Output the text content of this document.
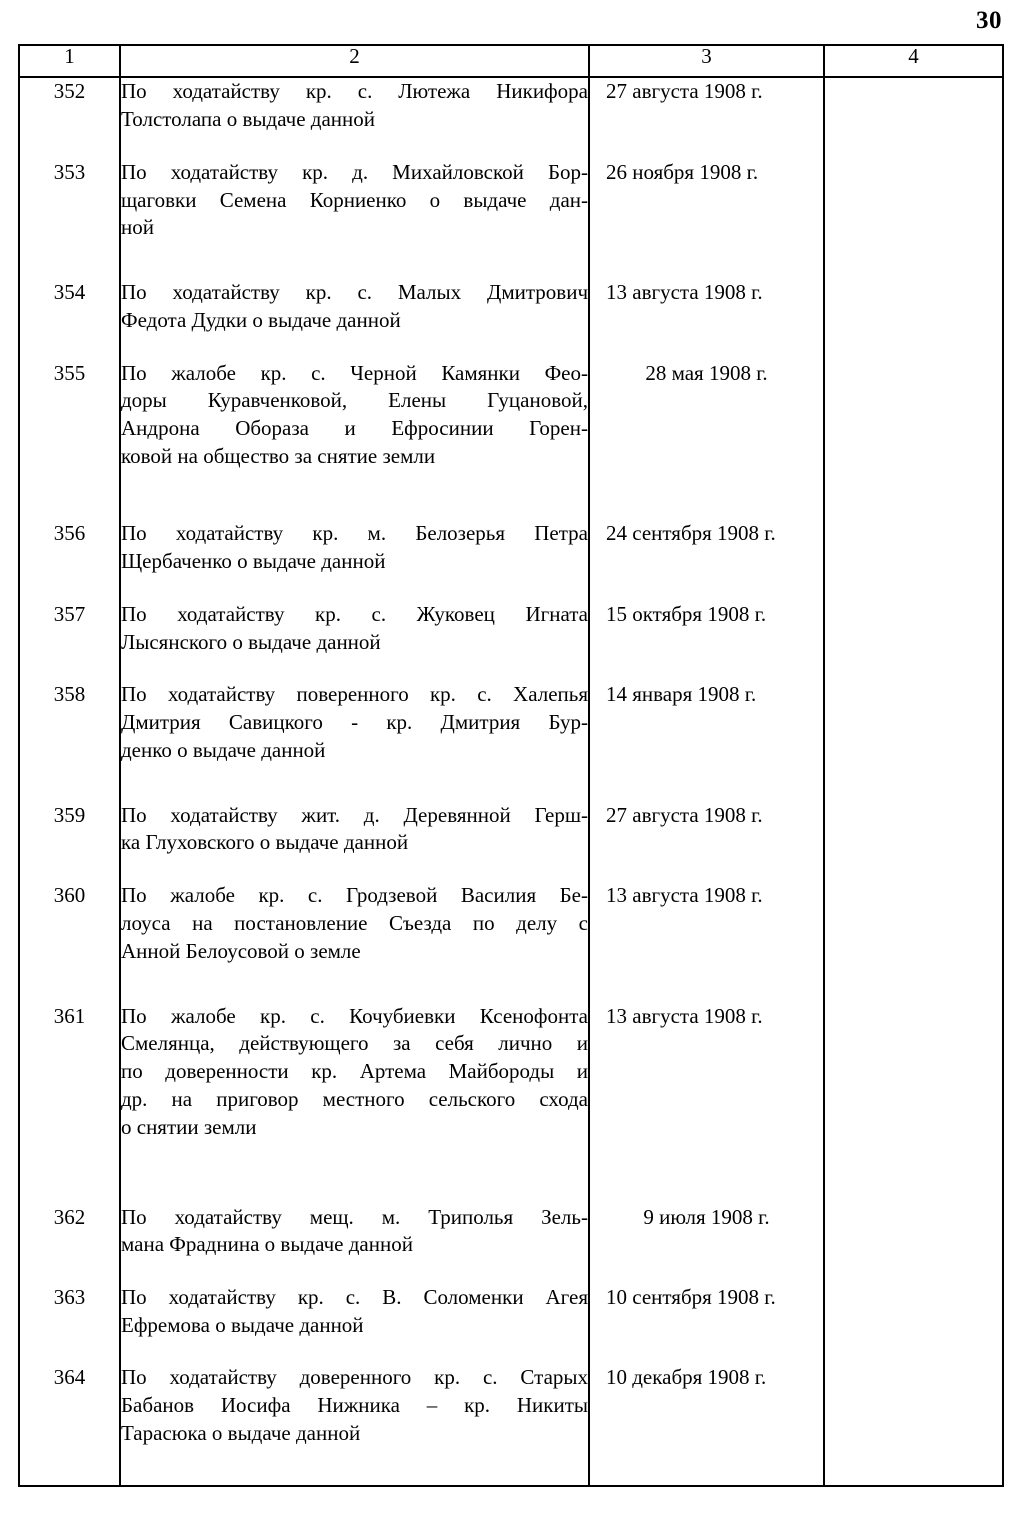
30
1	2	3	4
352	По ходатайству кр. с. Лютежа Никифора
Толстолапа о выдаче данной	27 августа 1908 г.	
353	По ходатайству кр. д. Михайловской Бор-
щаговки Семена Корниенко о выдаче дан-
ной	26 ноября 1908 г.	
354	По ходатайству кр. с. Малых Дмитрович
Федота Дудки о выдаче данной	13 августа 1908 г.	
355	По жалобе кр. с. Черной Камянки Фео-
доры Куравченковой, Елены Гуцановой,
Андрона Обораза и Ефросинии Горен-
ковой на общество за снятие земли	28 мая 1908 г.	
356	По ходатайству кр. м. Белозерья Петра
Щербаченко о выдаче данной	24 сентября 1908 г.	
357	По ходатайству кр. с. Жуковец Игната
Лысянского о выдаче данной	15 октября 1908 г.	
358	По ходатайству поверенного кр. с. Халепья
Дмитрия Савицкого - кр. Дмитрия Бур-
денко о выдаче данной	14 января 1908 г.	
359	По ходатайству жит. д. Деревянной Герш-
ка Глуховского о выдаче данной	27 августа 1908 г.	
360	По жалобе кр. с. Гродзевой Василия Бе-
лоуса на постановление Съезда по делу с
Анной Белоусовой о земле	13 августа 1908 г.	
361	По жалобе кр. с. Кочубиевки Ксенофонта
Смелянца, действующего за себя лично и
по доверенности кр. Артема Майбороды и
др. на приговор местного сельского схода
о снятии земли	13 августа 1908 г.	
362	По ходатайству мещ. м. Триполья Зель-
мана Фраднина о выдаче данной	9 июля 1908 г.	
363	По ходатайству кр. с. В. Соломенки Агея
Ефремова о выдаче данной	10 сентября 1908 г.	
364	По ходатайству доверенного кр. с. Старых
Бабанов Иосифа Нижника – кр. Никиты
Тарасюка о выдаче данной	10 декабря 1908 г.	
